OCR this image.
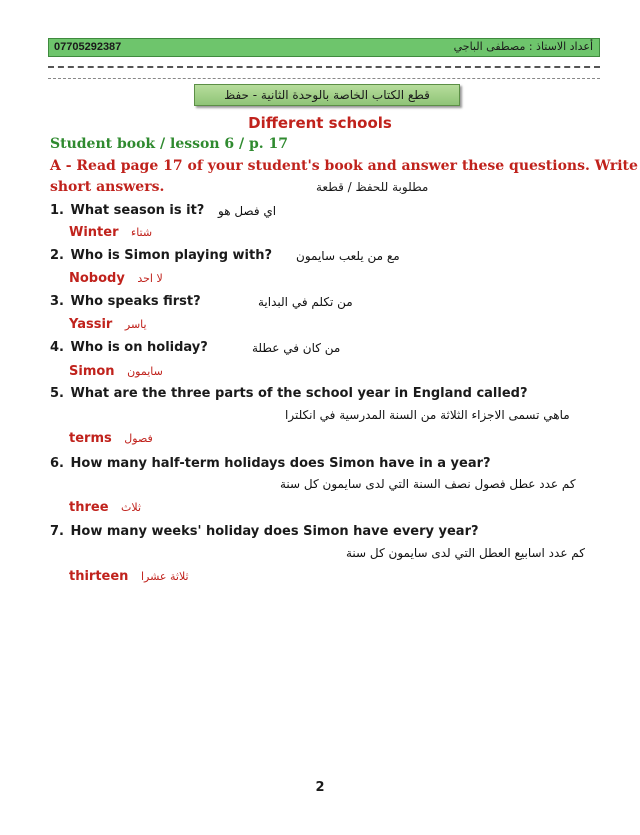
07705292387	أعداد الاستاذ : مصطفى الباجي
قطع الكتاب الخاصة بالوحدة الثانية - حفظ
Different schools
Student book / lesson 6 / p. 17
A - Read page 17 of your student's book and answer these questions. Write
short answers.	مطلوبة للحفظ / قطعة
1. What season is it? اي فصل هو
Winter شتاء
2. Who is Simon playing with? مع من يلعب سايمون
Nobody لا احد
3. Who speaks first?	من تكلم في البداية
Yassir ياسر
4. Who is on holiday?	من كان في عطلة
Simon سايمون
5. What are the three parts of the school year in England called?
ماهي تسمى الاجزاء الثلاثة من السنة المدرسية في انكلترا
terms فصول
6. How many half-term holidays does Simon have in a year?
كم عدد عطل فصول نصف السنة التي لدى سايمون كل سنة
three ثلاث
7. How many weeks' holiday does Simon have every year?
كم عدد اسابيع العطل التي لدى سايمون كل سنة
thirteen ثلاثة عشرا
2
